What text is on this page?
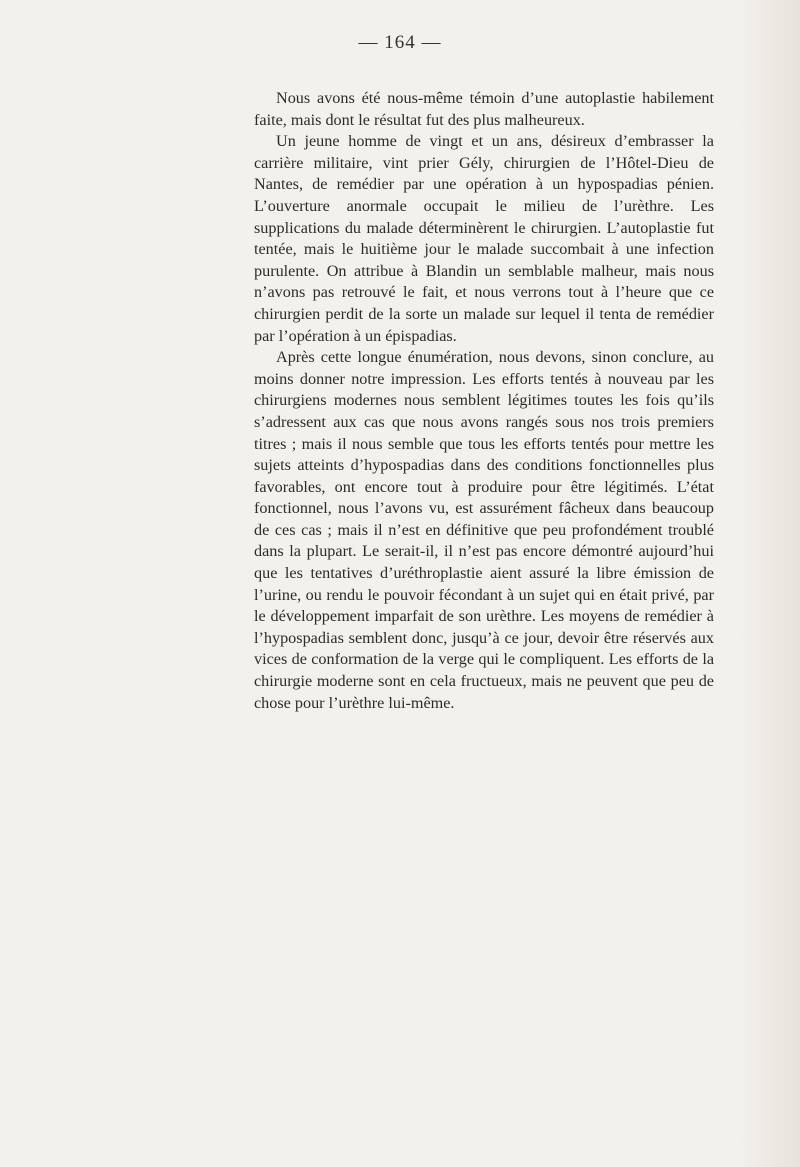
— 164 —

Nous avons été nous-même témoin d’une autoplastie habilement faite, mais dont le résultat fut des plus malheureux.

Un jeune homme de vingt et un ans, désireux d’embrasser la carrière militaire, vint prier Gély, chirurgien de l’Hôtel-Dieu de Nantes, de remédier par une opération à un hypospadias pénien. L’ouverture anormale occupait le milieu de l’urèthre. Les supplications du malade déterminèrent le chirurgien. L’autoplastie fut tentée, mais le huitième jour le malade succombait à une infection purulente. On attribue à Blandin un semblable malheur, mais nous n’avons pas retrouvé le fait, et nous verrons tout à l’heure que ce chirurgien perdit de la sorte un malade sur lequel il tenta de remédier par l’opération à un épispadias.

Après cette longue énumération, nous devons, sinon conclure, au moins donner notre impression. Les efforts tentés à nouveau par les chirurgiens modernes nous semblent légitimes toutes les fois qu’ils s’adressent aux cas que nous avons rangés sous nos trois premiers titres ; mais il nous semble que tous les efforts tentés pour mettre les sujets atteints d’hypospadias dans des conditions fonctionnelles plus favorables, ont encore tout à produire pour être légitimés. L’état fonctionnel, nous l’avons vu, est assurément fâcheux dans beaucoup de ces cas ; mais il n’est en définitive que peu profondément troublé dans la plupart. Le serait-il, il n’est pas encore démontré aujourd’hui que les tentatives d’uréthroplastie aient assuré la libre émission de l’urine, ou rendu le pouvoir fécondant à un sujet qui en était privé, par le développement imparfait de son urèthre. Les moyens de remédier à l’hypospadias semblent donc, jusqu’à ce jour, devoir être réservés aux vices de conformation de la verge qui le compliquent. Les efforts de la chirurgie moderne sont en cela fructueux, mais ne peuvent que peu de chose pour l’urèthre lui-même.
